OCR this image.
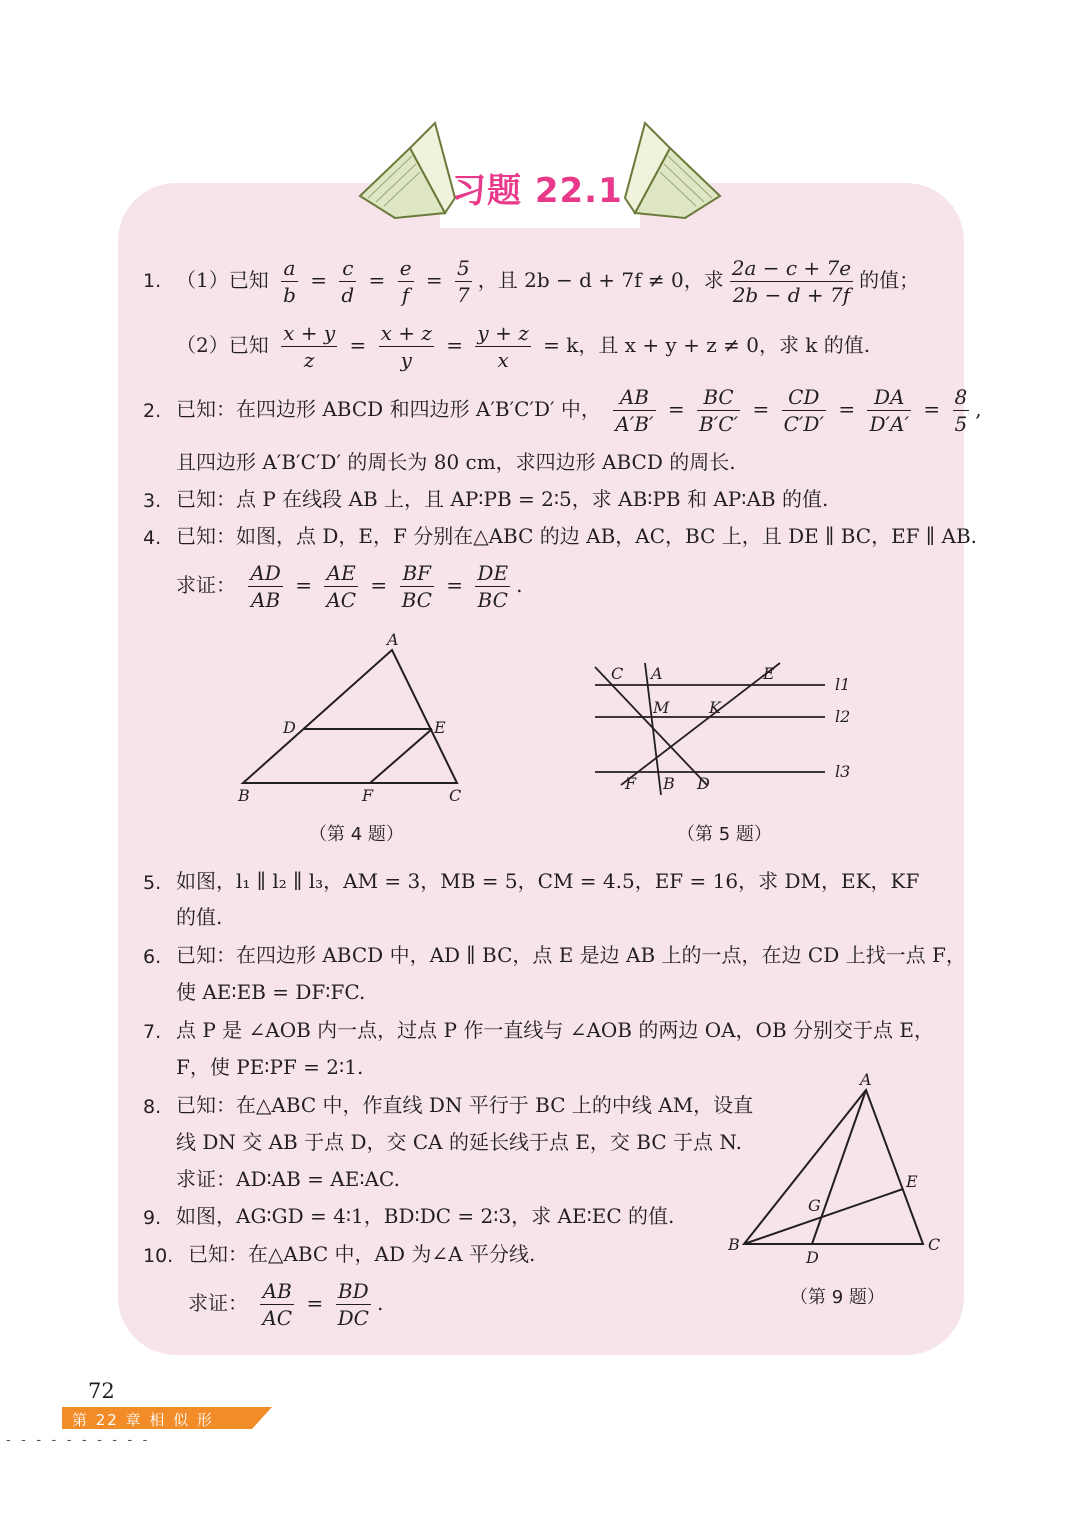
习题 22.1
1. （1）已知 $\frac{a}{b} = \frac{c}{d} = \frac{e}{f} = \frac{5}{7}$ ，且 2b − d + 7f ≠ 0，求 $\frac{2a - c + 7e}{2b - d + 7f}$ 的值；
（2）已知 $\frac{x + y}{z} = \frac{x + z}{y} = \frac{y + z}{x} = k$，且 x + y + z ≠ 0，求 k 的值.
2. 已知：在四边形 ABCD 和四边形 A′B′C′D′ 中， $\frac{AB}{A'B'} = \frac{BC}{B'C'} = \frac{CD}{C'D'} = \frac{DA}{D'A'} = \frac{8}{5}$ ,
且四边形 A′B′C′D′ 的周长为 80 cm，求四边形 ABCD 的周长.
3. 已知：点 P 在线段 AB 上，且 AP∶PB = 2∶5，求 AB∶PB 和 AP∶AB 的值.
4. 已知：如图，点 D，E，F 分别在△ABC 的边 AB，AC，BC 上，且 DE ∥ BC，EF ∥ AB.
求证： $\frac{AD}{AB} = \frac{AE}{AC} = \frac{BF}{BC} = \frac{DE}{BC}$ .
A
D	E
B	F	C
（第 4 题）
C A	E
M K
F B D
l1
l2
l3
（第 5 题）
5. 如图，l₁ ∥ l₂ ∥ l₃，AM = 3，MB = 5，CM = 4.5，EF = 16，求 DM，EK，KF
的值.
6. 已知：在四边形 ABCD 中，AD ∥ BC，点 E 是边 AB 上的一点，在边 CD 上找一点 F，
使 AE∶EB = DF∶FC.
7. 点 P 是 ∠AOB 内一点，过点 P 作一直线与 ∠AOB 的两边 OA，OB 分别交于点 E，
F，使 PE∶PF = 2∶1.
8. 已知：在△ABC 中，作直线 DN 平行于 BC 上的中线 AM，设直
线 DN 交 AB 于点 D，交 CA 的延长线于点 E，交 BC 于点 N.
求证：AD∶AB = AE∶AC.
9. 如图，AG∶GD = 4∶1，BD∶DC = 2∶3，求 AE∶EC 的值.
10. 已知：在△ABC 中，AD 为∠A 平分线.
求证： $\frac{AB}{AC} = \frac{BD}{DC}$ .
A
E
G
B
D
C
（第 9 题）
72
第 22 章 相 似 形
- - - - - - - - - -
